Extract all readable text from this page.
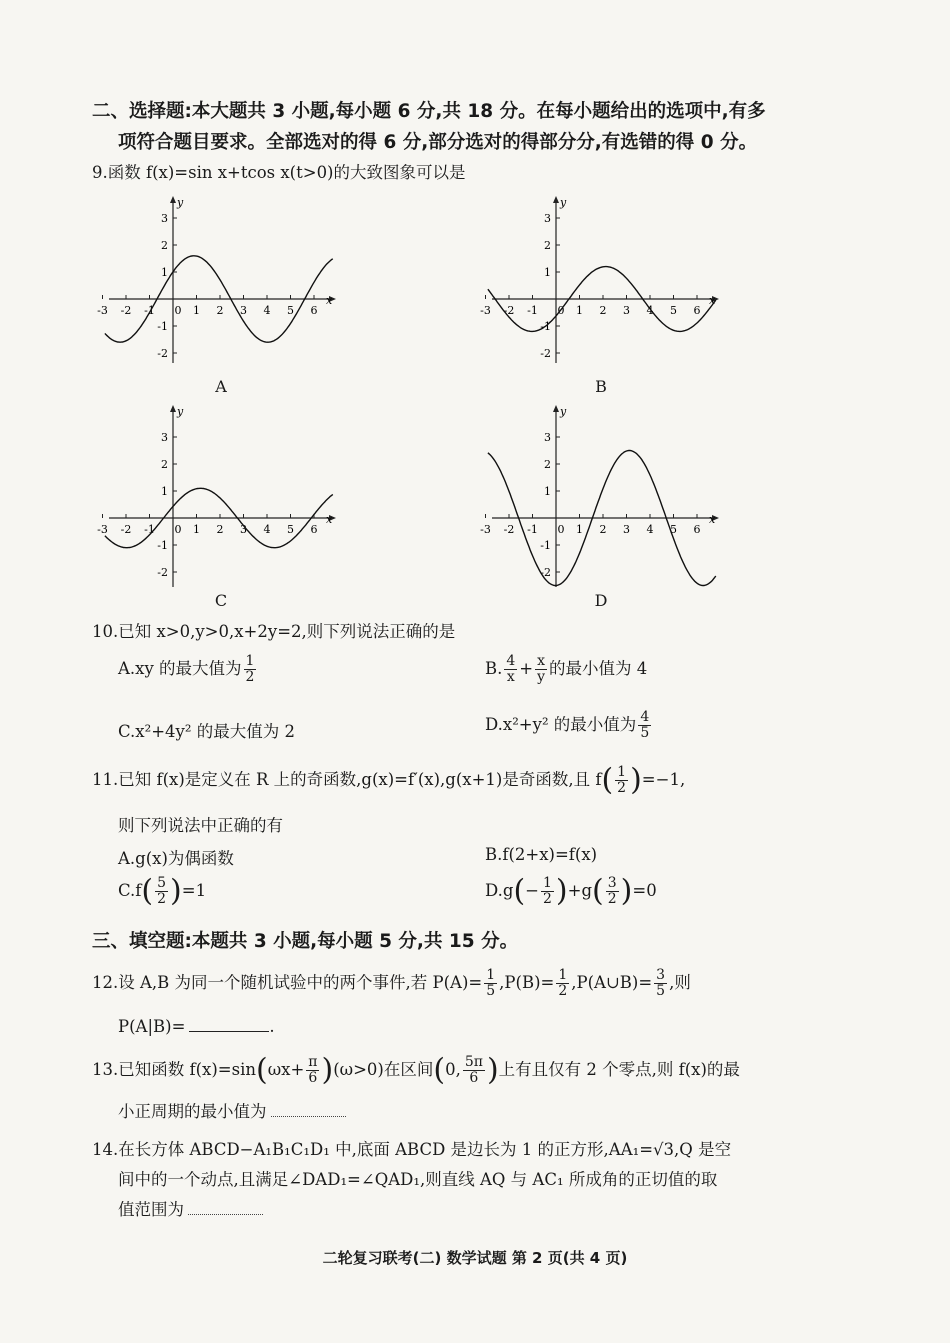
二、选择题:本大题共 3 小题,每小题 6 分,共 18 分。在每小题给出的选项中,有多
项符合题目要求。全部选对的得 6 分,部分选对的得部分分,有选错的得 0 分。
9.函数 f(x)=sin x+tcos x(t>0)的大致图象可以是
x
y
3
2
1
-1
-2
-3 -2 -1 0 1 2 3 4 5 6
x
y
3
2
1
-1
-2
-3 -2 -1 0 1 2 3 4 5 6
x
y
3
2
1
-1
-2
-3 -2 -1 0 1 2 3 4 5 6
x
y
3
2
1
-1
-2
-3 -2 -1 0 1 2 3 4 5 6
A	B
C	D
10.已知 x>0,y>0,x+2y=2,则下列说法正确的是
A.xy 的最大值为 $\frac{1}{2}$	B. $\frac{4}{x} + \frac{x}{y}$ 的最小值为 4
C.x²+4y² 的最大值为 2	D.x²+y² 的最小值为 $\frac{4}{5}$
11.已知 f(x)是定义在 R 上的奇函数,g(x)=f′(x),g(x+1)是奇函数,且 $f( \frac{1}{2} )=-1$,
则下列说法中正确的有
A.g(x)为偶函数	B.f(2+x)=f(x)
$C.f( \frac{5}{2} )=1$	$D.g(- \frac{1}{2} )+g( \frac{3}{2} )=0$
三、填空题:本题共 3 小题,每小题 5 分,共 15 分。
12.设 A,B 为同一个随机试验中的两个事件,若 $P(A)= \frac{1}{5} ,P(B)= \frac{1}{2}$ ,P(A∪B)= $\frac{3}{5}$ ,则
P(A|B)=	.
13.已知函数 $f(x)=\sin(\omega x+ \frac{\pi}{6} )(\omega>0)$在区间(0, $\frac{5\pi}{6}$ )上有且仅有 2 个零点,则 f(x)的最
小正周期的最小值为
14.在长方体 ABCD−A₁B₁C₁D₁ 中,底面 ABCD 是边长为 1 的正方形,AA₁=√3,Q 是空
间中的一个动点,且满足∠DAD₁=∠QAD₁,则直线 AQ 与 AC₁ 所成角的正切值的取
值范围为
二轮复习联考(二) 数学试题 第 2 页(共 4 页)
